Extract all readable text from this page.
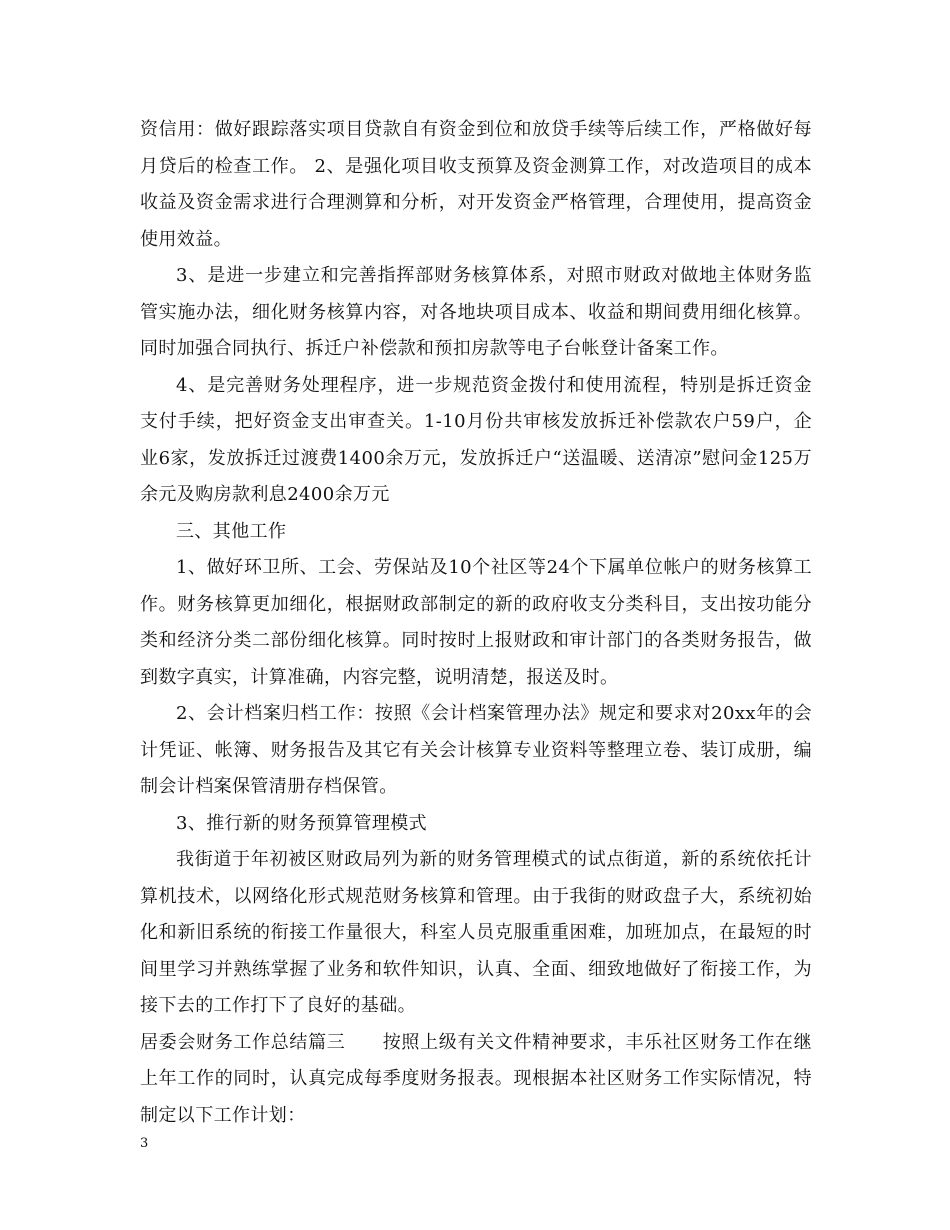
资信用：做好跟踪落实项目贷款自有资金到位和放贷手续等后续工作，严格做好每月贷后的检查工作。 2、是强化项目收支预算及资金测算工作，对改造项目的成本收益及资金需求进行合理测算和分析，对开发资金严格管理，合理使用，提高资金使用效益。

3、是进一步建立和完善指挥部财务核算体系，对照市财政对做地主体财务监管实施办法，细化财务核算内容，对各地块项目成本、收益和期间费用细化核算。同时加强合同执行、拆迁户补偿款和预扣房款等电子台帐登计备案工作。

4、是完善财务处理程序，进一步规范资金拨付和使用流程，特别是拆迁资金支付手续，把好资金支出审查关。1-10月份共审核发放拆迁补偿款农户59户，企业6家，发放拆迁过渡费1400余万元，发放拆迁户“送温暖、送清凉”慰问金125万余元及购房款利息2400余万元

三、其他工作

1、做好环卫所、工会、劳保站及10个社区等24个下属单位帐户的财务核算工作。财务核算更加细化，根据财政部制定的新的政府收支分类科目，支出按功能分类和经济分类二部份细化核算。同时按时上报财政和审计部门的各类财务报告，做到数字真实，计算准确，内容完整，说明清楚，报送及时。

2、会计档案归档工作：按照《会计档案管理办法》规定和要求对20xx年的会计凭证、帐簿、财务报告及其它有关会计核算专业资料等整理立卷、装订成册，编制会计档案保管清册存档保管。

3、推行新的财务预算管理模式

我街道于年初被区财政局列为新的财务管理模式的试点街道，新的系统依托计算机技术，以网络化形式规范财务核算和管理。由于我街的财政盘子大，系统初始化和新旧系统的衔接工作量很大，科室人员克服重重困难，加班加点，在最短的时间里学习并熟练掌握了业务和软件知识，认真、全面、细致地做好了衔接工作，为接下去的工作打下了良好的基础。

居委会财务工作总结篇三　　按照上级有关文件精神要求，丰乐社区财务工作在继上年工作的同时，认真完成每季度财务报表。现根据本社区财务工作实际情况，特制定以下工作计划：

3
